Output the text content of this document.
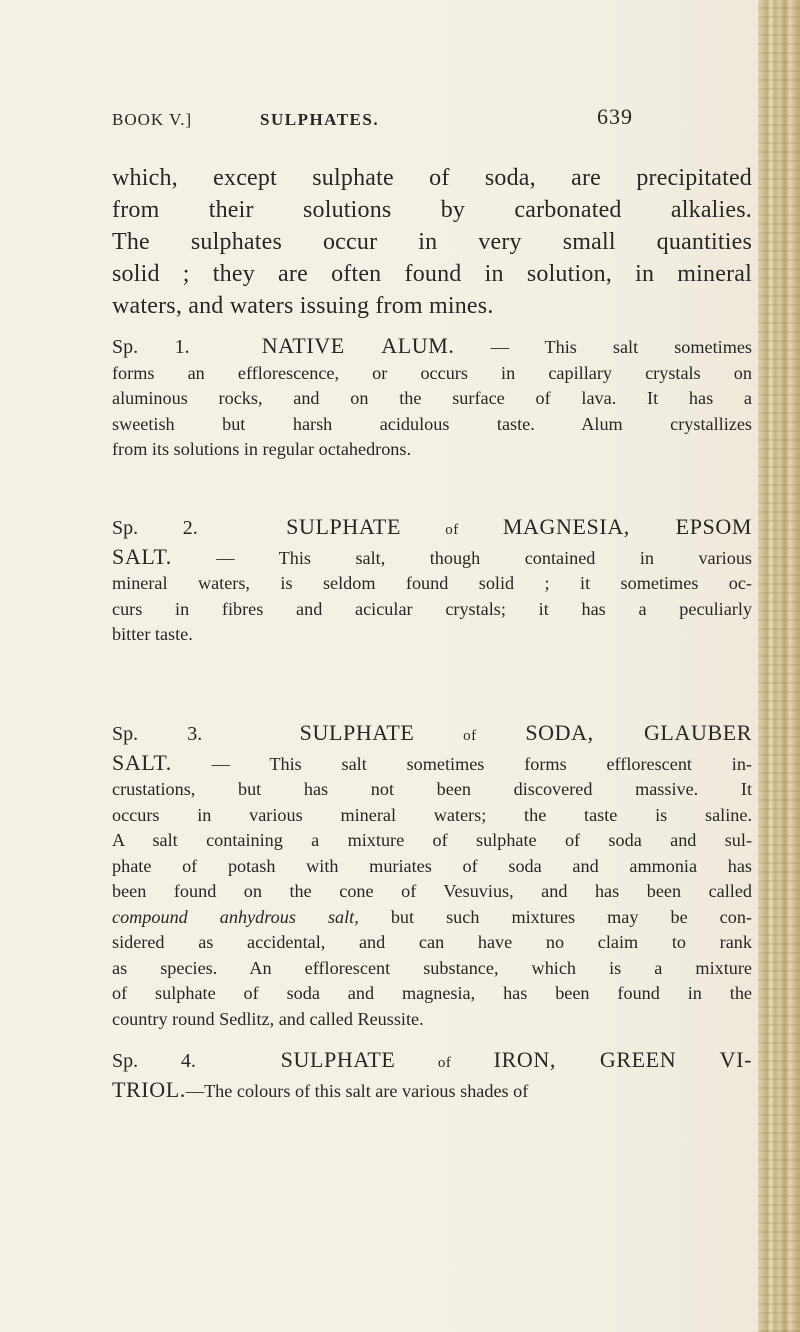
BOOK V.]	SULPHATES.	639
which, except sulphate of soda, are precipitated
from their solutions by carbonated alkalies.
The sulphates occur in very small quantities
solid ; they are often found in solution, in mineral
waters, and waters issuing from mines.
Sp. 1.	NATIVE ALUM. — This salt sometimes
forms an efflorescence, or occurs in capillary crystals on
aluminous rocks, and on the surface of lava. It has a
sweetish but harsh acidulous taste. Alum crystallizes
from its solutions in regular octahedrons.
Sp. 2.	SULPHATE	of MAGNESIA, EPSOM
SALT. — This salt, though contained in various
mineral waters, is seldom found solid ; it sometimes oc-
curs in fibres and acicular crystals; it has a peculiarly
bitter taste.
Sp. 3.	SULPHATE	of SODA, GLAUBER
SALT. — This salt sometimes forms efflorescent in-
crustations, but has not been discovered massive. It
occurs in various mineral waters; the taste is saline.
A salt containing a mixture of sulphate of soda and sul-
phate of potash with muriates of soda and ammonia has
been found on the cone of Vesuvius, and has been called
compound anhydrous salt, but such mixtures may be con-
sidered as accidental, and can have no claim to rank
as species. An efflorescent substance, which is a mixture
of sulphate of soda and magnesia, has been found in the
country round Sedlitz, and called Reussite.
Sp. 4.	SULPHATE	of IRON, GREEN VI-
TRIOL.—The colours of this salt are various shades of
